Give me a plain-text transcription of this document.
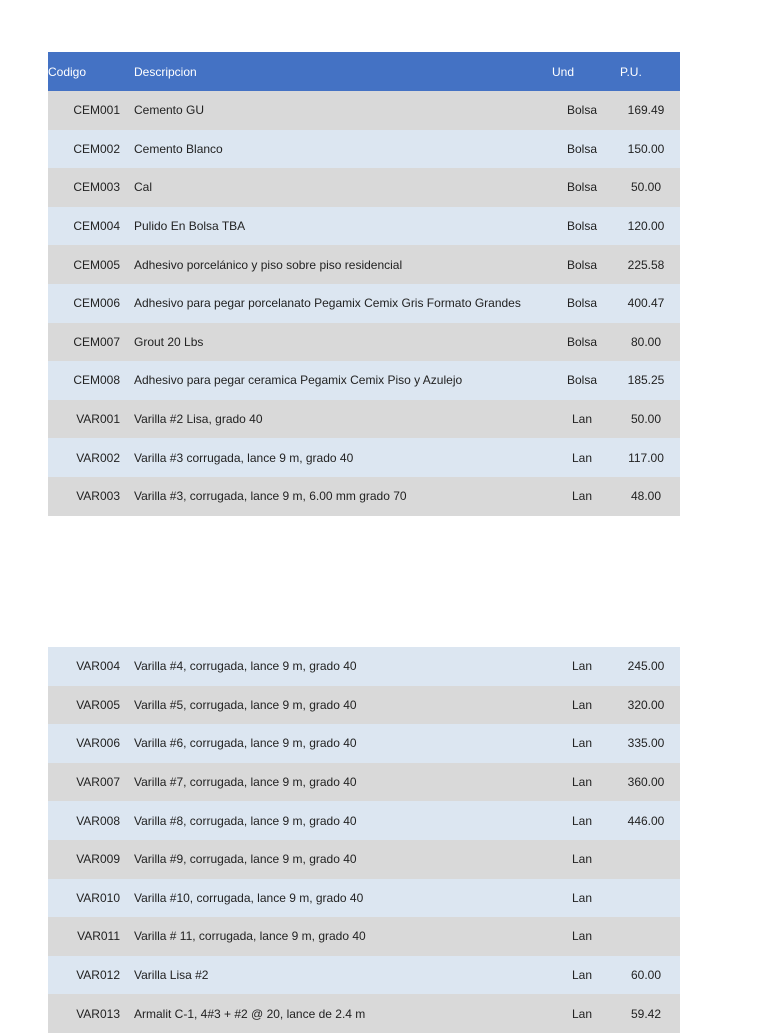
Codigo	Descripcion	Und	P.U.
CEM001	Cemento GU	Bolsa	169.49
CEM002	Cemento Blanco	Bolsa	150.00
CEM003	Cal	Bolsa	50.00
CEM004	Pulido En Bolsa TBA	Bolsa	120.00
CEM005	Adhesivo porcelánico y piso sobre piso residencial	Bolsa	225.58
CEM006	Adhesivo para pegar porcelanato Pegamix Cemix Gris Formato Grandes	Bolsa	400.47
CEM007	Grout 20 Lbs	Bolsa	80.00
CEM008	Adhesivo para pegar ceramica Pegamix Cemix Piso y Azulejo	Bolsa	185.25
VAR001	Varilla #2 Lisa, grado 40	Lan	50.00
VAR002	Varilla #3 corrugada, lance 9 m, grado 40	Lan	117.00
VAR003	Varilla #3, corrugada, lance 9 m, 6.00 mm grado 70	Lan	48.00
VAR004	Varilla #4, corrugada, lance 9 m, grado 40	Lan	245.00
VAR005	Varilla #5, corrugada, lance 9 m, grado 40	Lan	320.00
VAR006	Varilla #6, corrugada, lance 9 m, grado 40	Lan	335.00
VAR007	Varilla #7, corrugada, lance 9 m, grado 40	Lan	360.00
VAR008	Varilla #8, corrugada, lance 9 m, grado 40	Lan	446.00
VAR009	Varilla #9, corrugada, lance 9 m, grado 40	Lan
VAR010	Varilla #10, corrugada, lance 9 m, grado 40	Lan
VAR011	Varilla # 11, corrugada, lance 9 m, grado 40	Lan
VAR012	Varilla Lisa #2	Lan	60.00
VAR013	Armalit C-1, 4#3 + #2 @ 20, lance de 2.4 m	Lan	59.42
